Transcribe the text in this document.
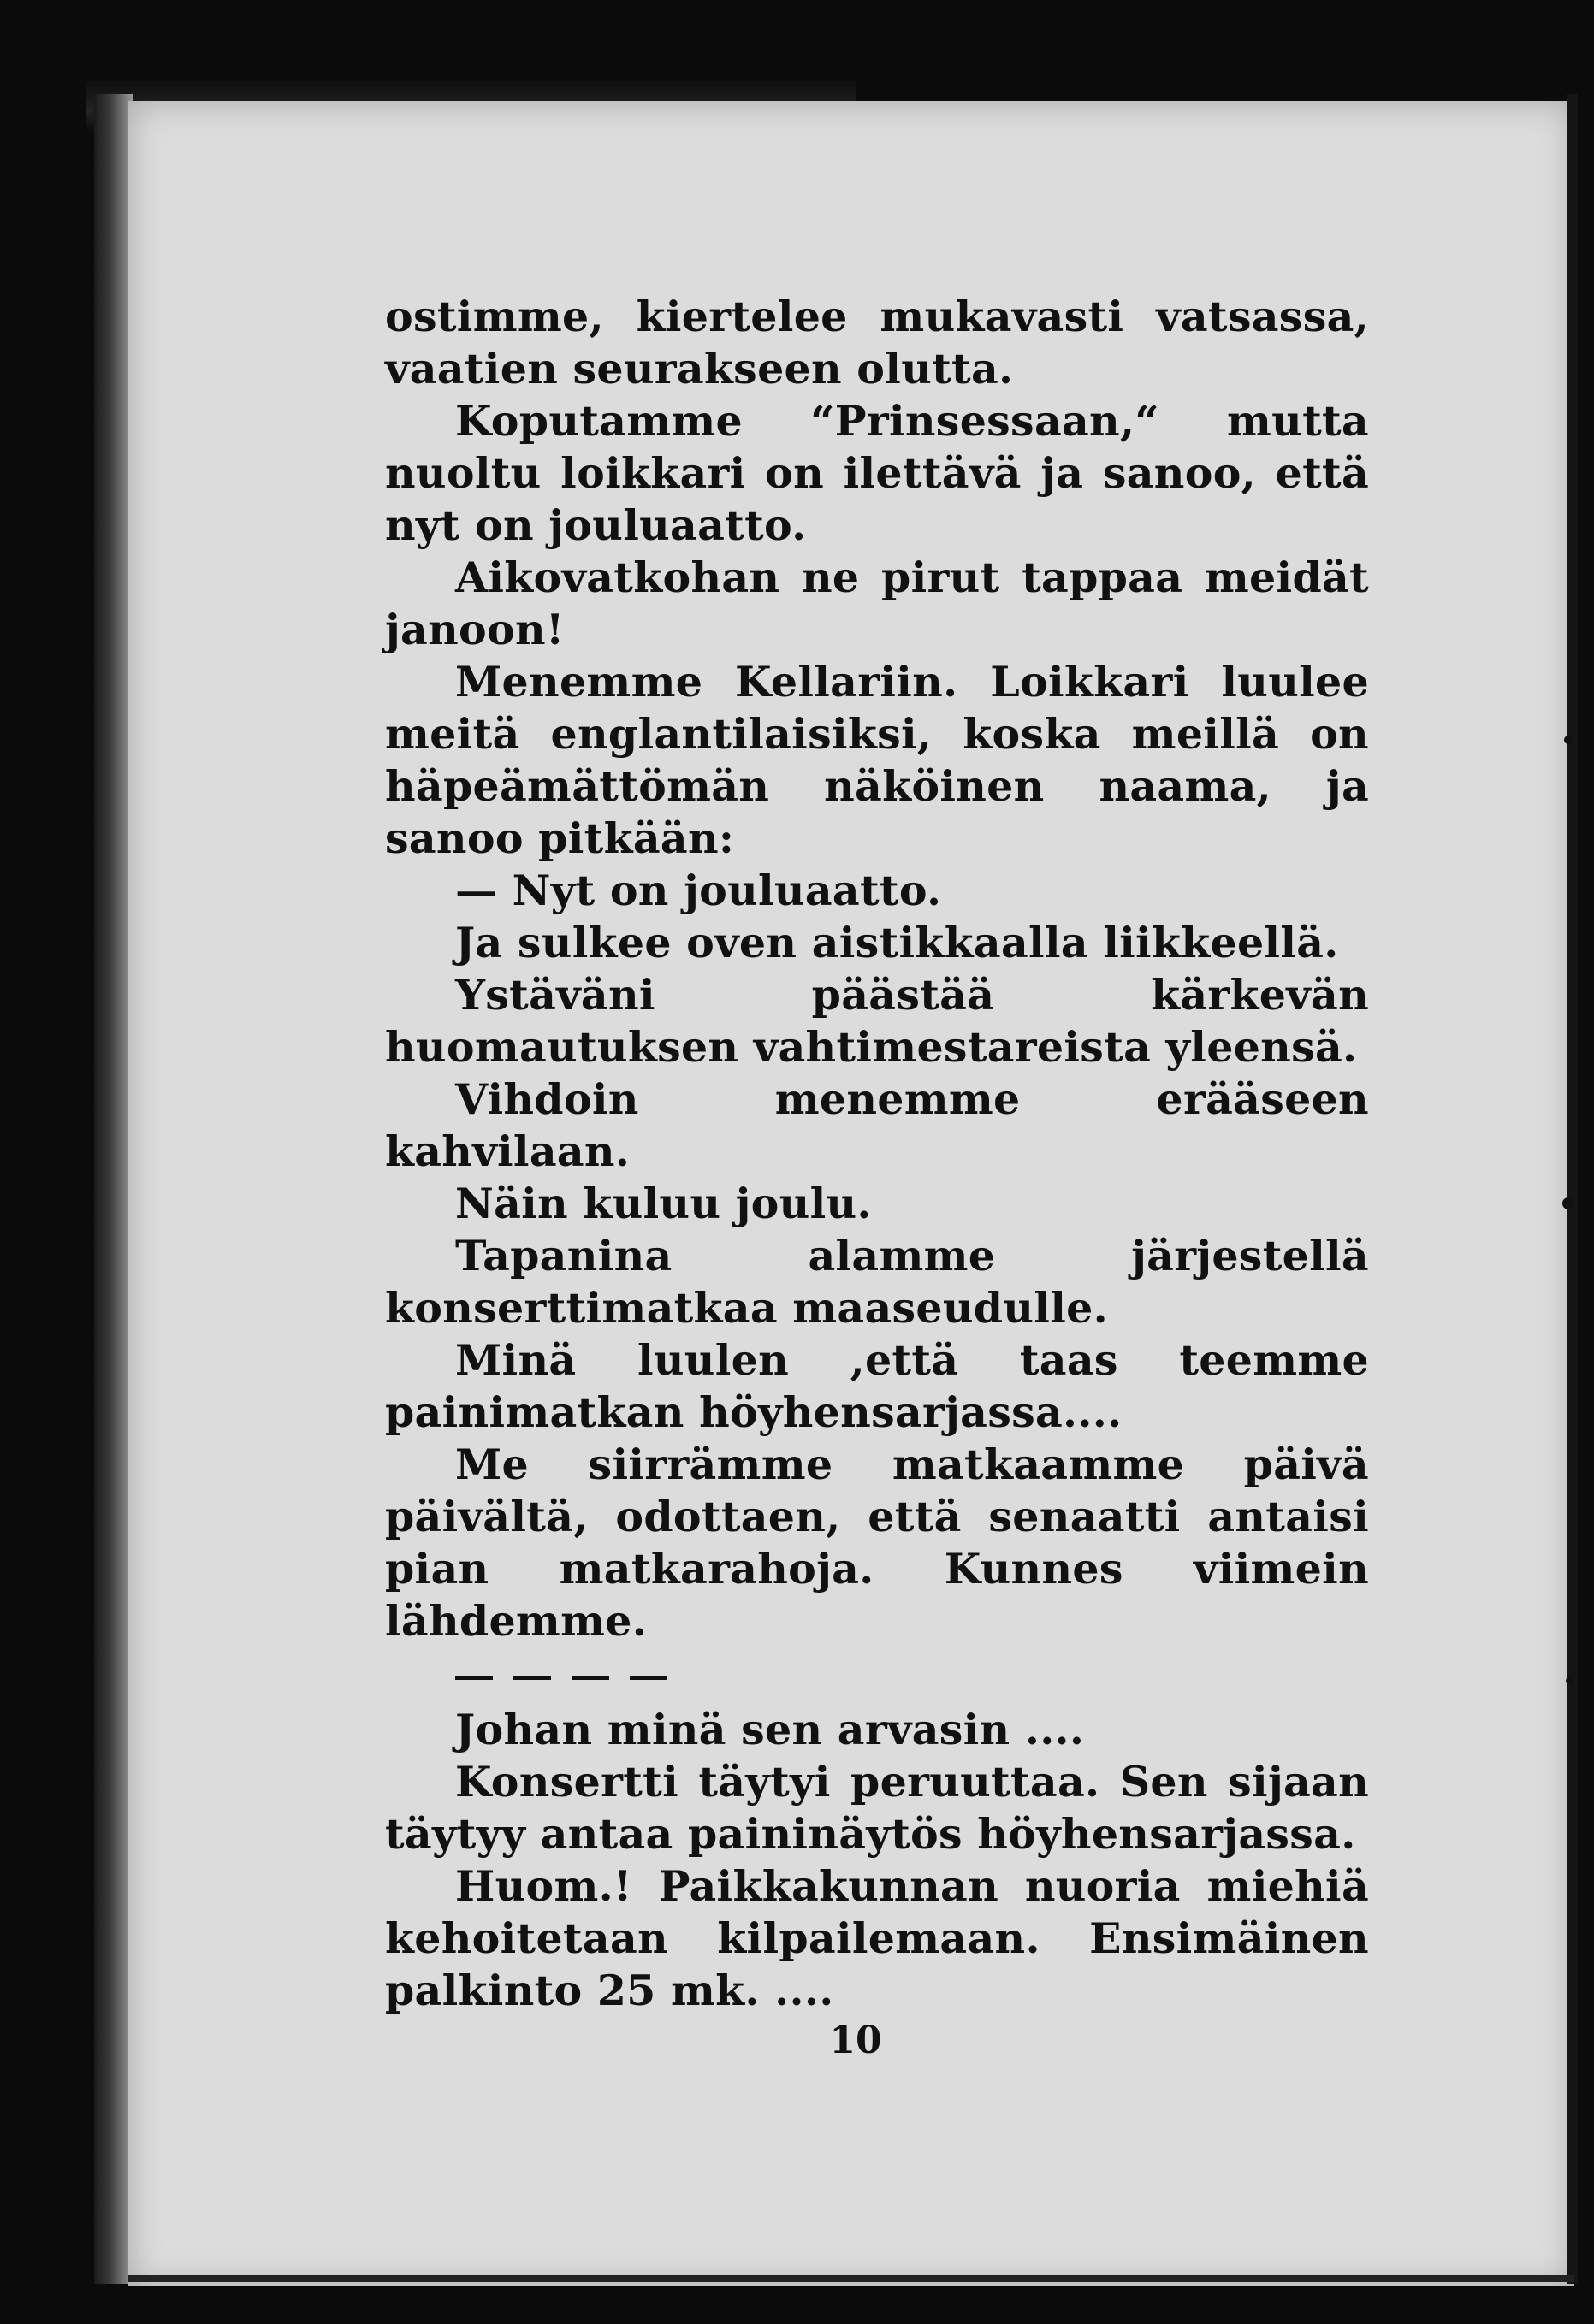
ostimme, kiertelee mukavasti vatsassa, vaatien seurakseen olutta.

Koputamme “Prinsessaan,“ mutta nuoltu loikkari on ilettävä ja sanoo, että nyt on jouluaatto.

Aikovatkohan ne pirut tappaa meidät janoon!

Menemme Kellariin. Loikkari luulee meitä englantilaisiksi, koska meillä on häpeämättömän näköinen naama, ja sanoo pitkään:

— Nyt on jouluaatto.

Ja sulkee oven aistikkaalla liikkeellä.

Ystäväni päästää kärkevän huomautuksen vahtimestareista yleensä.

Vihdoin menemme erääseen kahvilaan.

Näin kuluu joulu.

Tapanina alamme järjestellä konserttimatkaa maaseudulle.

Minä luulen ,että taas teemme painimatkan höyhensarjassa....

Me siirrämme matkaamme päivä päivältä, odottaen, että senaatti antaisi pian matkarahoja. Kunnes viimein lähdemme.

Johan minä sen arvasin ....

Konsertti täytyi peruuttaa. Sen sijaan täytyy antaa paininäytös höyhensarjassa.

Huom.! Paikkakunnan nuoria miehiä kehoitetaan kilpailemaan. Ensimäinen palkinto 25 mk. ....

10
